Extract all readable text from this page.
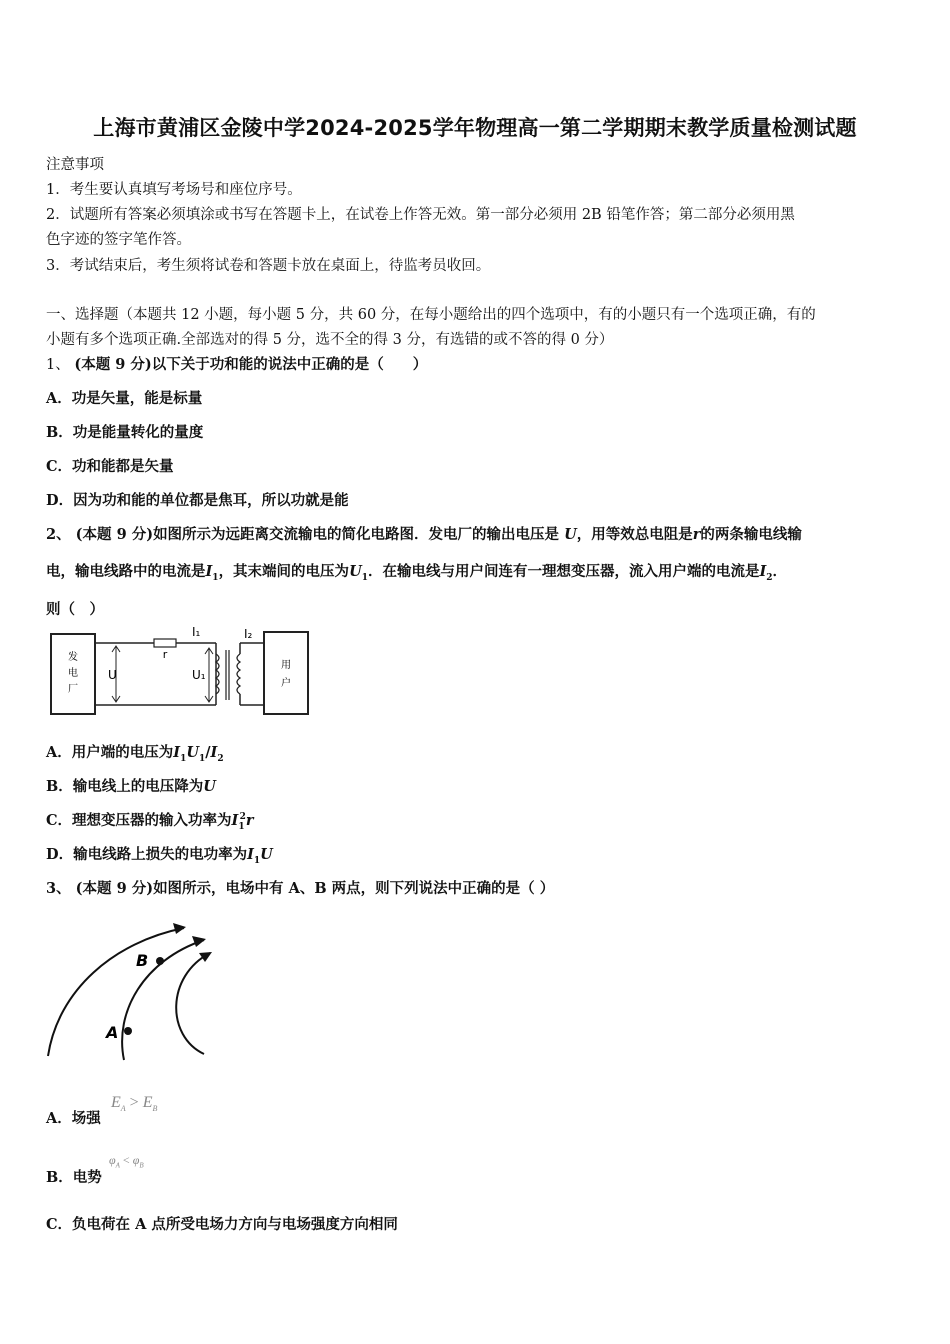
上海市黄浦区金陵中学2024-2025学年物理高一第二学期期末教学质量检测试题
注意事项
1．考生要认真填写考场号和座位序号。
2．试题所有答案必须填涂或书写在答题卡上，在试卷上作答无效。第一部分必须用 2B 铅笔作答；第二部分必须用黑
色字迹的签字笔作答。
3．考试结束后，考生须将试卷和答题卡放在桌面上，待监考员收回。
一、选择题（本题共 12 小题，每小题 5 分，共 60 分，在每小题给出的四个选项中，有的小题只有一个选项正确，有的
小题有多个选项正确.全部选对的得 5 分，选不全的得 3 分，有选错的或不答的得 0 分）
1、 (本题 9 分)以下关于功和能的说法中正确的是（　　）
A．功是矢量，能是标量
B．功是能量转化的量度
C．功和能都是矢量
D．因为功和能的单位都是焦耳，所以功就是能
2、 (本题 9 分)如图所示为远距离交流输电的简化电路图．发电厂的输出电压是 U，用等效总电阻是r的两条输电线输
电，输电线路中的电流是$I_1$，其末端间的电压为$U_1$．在输电线与用户间连有一理想变压器，流入用户端的电流是$I_2$．
则（　）
发
电
厂
r
I₁
U	U₁
I₂
用
户
A．用户端的电压为$I_1U_1/I_2$
B．输电线上的电压降为U
C．理想变压器的输入功率为$I_1^2r$
D．输电线路上损失的电功率为$I_1U$
3、 (本题 9 分)如图所示，电场中有 A、B 两点，则下列说法中正确的是（ ）
A
B
A．场强
$E_A > E_B$
B．电势
$\varphi_A < \varphi_B$
C．负电荷在 A 点所受电场力方向与电场强度方向相同
